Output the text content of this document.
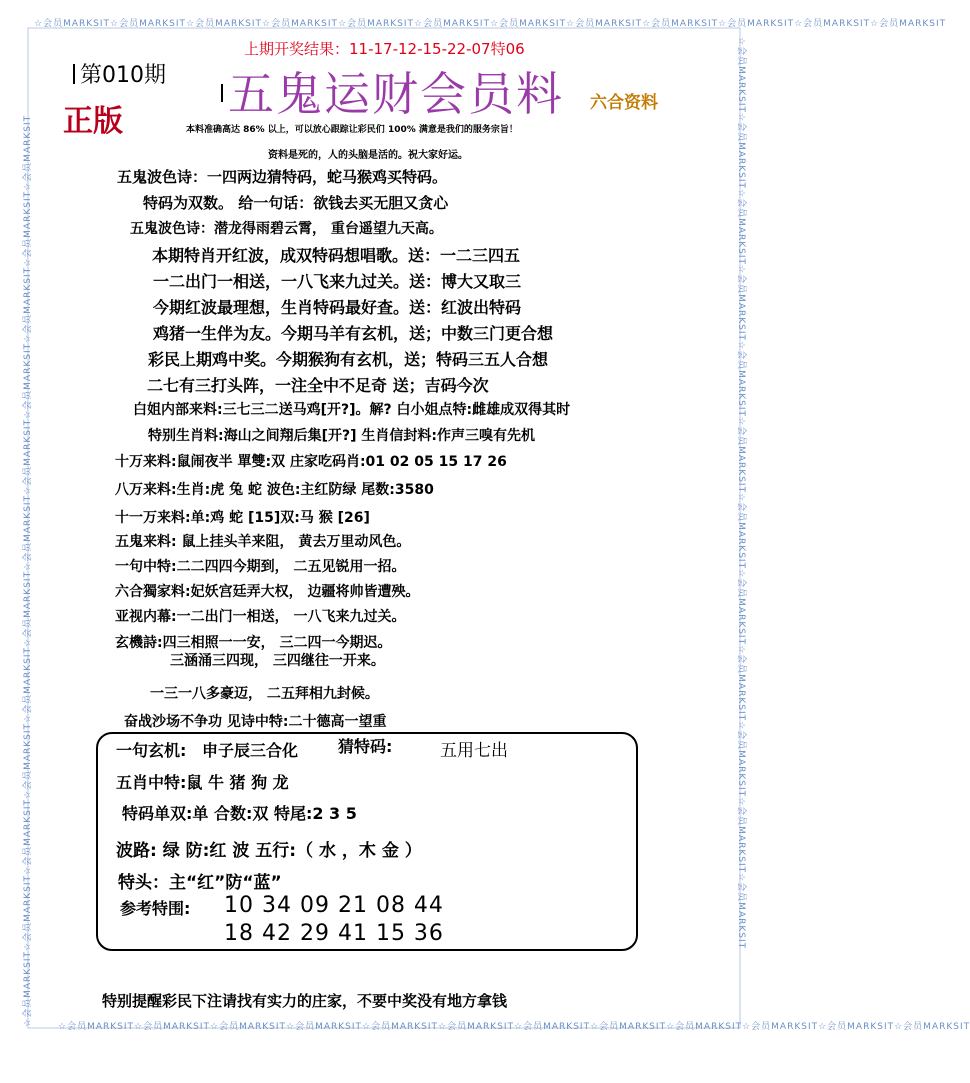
☆会员MARKSIT☆会员MARKSIT☆会员MARKSIT☆会员MARKSIT☆会员MARKSIT☆会员MARKSIT☆会员MARKSIT☆会员MARKSIT☆会员MARKSIT☆会员MARKSIT☆会员MARKSIT☆会员MARKSIT
☆会员MARKSIT☆会员MARKSIT☆会员MARKSIT☆会员MARKSIT☆会员MARKSIT☆会员MARKSIT☆会员MARKSIT☆会员MARKSIT☆会员MARKSIT☆会员MARKSIT☆会员MARKSIT☆会员MARKSIT
☆会员MARKSIT☆会员MARKSIT☆会员MARKSIT☆会员MARKSIT☆会员MARKSIT☆会员MARKSIT☆会员MARKSIT☆会员MARKSIT☆会员MARKSIT☆会员MARKSIT☆会员MARKSIT☆会员MARKSIT	☆会员MARKSIT☆会员MARKSIT☆会员MARKSIT☆会员MARKSIT☆会员MARKSIT☆会员MARKSIT☆会员MARKSIT☆会员MARKSIT☆会员MARKSIT☆会员MARKSIT☆会员MARKSIT☆会员MARKSIT
上期开奖结果：11-17-12-15-22-07特06
第010期 五鬼运财会员料
正版
六合资料
本料准确高达 86% 以上，可以放心跟踪让彩民们 100% 满意是我们的服务宗旨！
资料是死的，人的头脑是活的。祝大家好运。
五鬼波色诗：一四两边猜特码，蛇马猴鸡买特码。
特码为双数。 给一句话：欲钱去买无胆又贪心
五鬼波色诗：潜龙得雨碧云霄， 重台遥望九天高。
本期特肖开红波，成双特码想唱歌。送：一二三四五
一二出门一相送，一八飞来九过关。送：博大又取三
今期红波最理想，生肖特码最好查。送：红波出特码
鸡猪一生伴为友。今期马羊有玄机，送；中数三门更合想
彩民上期鸡中奖。今期猴狗有玄机，送；特码三五人合想
二七有三打头阵，一注全中不足奇 送；吉码今次
白姐内部来料:三七三二送马鸡[开?]。解? 白小姐点特:雌雄成双得其时
特别生肖料:海山之间翔后集[开?] 生肖信封料:作声三嗅有先机
十万来料:鼠闹夜半 單雙:双 庄家吃码肖:01 02 05 15 17 26
八万来料:生肖:虎 兔 蛇 波色:主红防绿 尾数:3580
十一万来料:单:鸡 蛇 [15]双:马 猴 [26]
五鬼来料: 鼠上挂头羊来阻， 黄去万里动风色。
一句中特:二二四四今期到， 二五见锐用一招。
六合獨家料:妃妖宫廷弄大权， 边疆将帅皆遭殃。
亚视内幕:一二出门一相送， 一八飞来九过关。
玄機詩:四三相照一一安， 三二四一今期迟。
三涵涌三四现， 三四继往一开来。
一三一八多豪迈， 二五拜相九封候。
奋战沙场不争功 见诗中特:二十德高一望重
一句玄机: 申子辰三合化 猜特码:	五用七出
五肖中特:鼠 牛 猪 狗 龙
特码单双:单 合数:双 特尾:2 3 5
波路: 绿 防:红 波 五行:（ 水 ，木 金 ）
特头：主“红”防“蓝”
参考特围: 10 34 09 21 08 44
18 42 29 41 15 36
特别提醒彩民下注请找有实力的庄家，不要中奖没有地方拿钱
